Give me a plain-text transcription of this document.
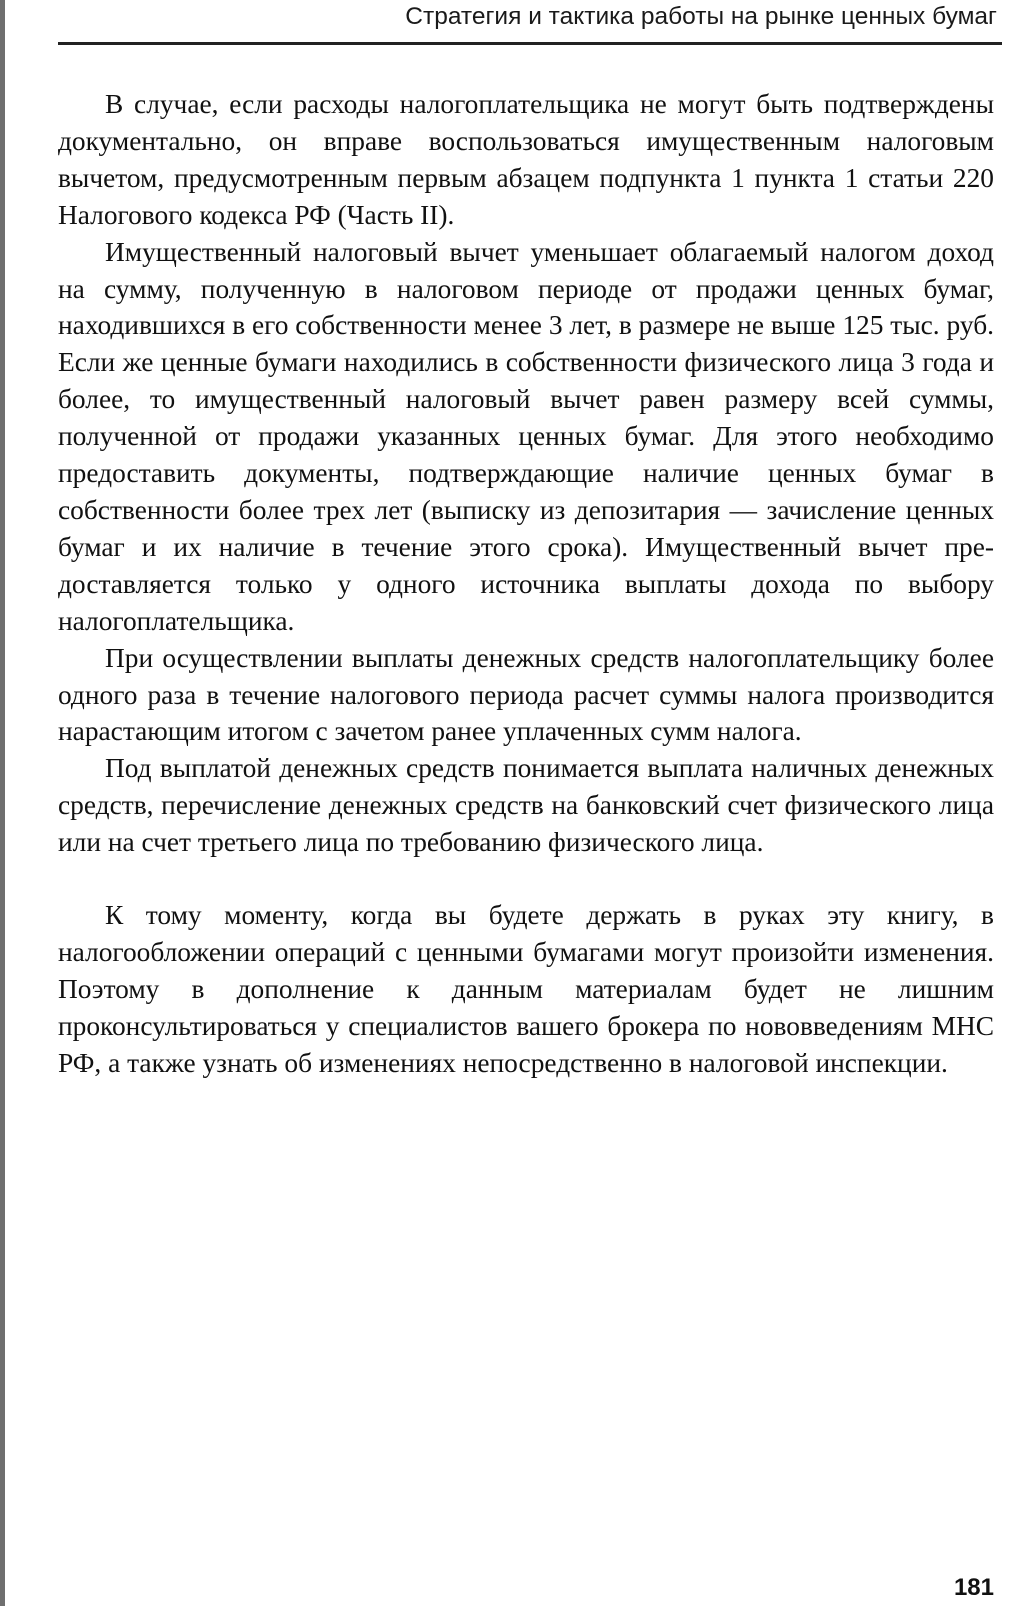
Стратегия и тактика работы на рынке ценных бумаг

В случае, если расходы налогоплательщика не могут быть подтверждены документально, он вправе воспользоваться имущественным налоговым вычетом, предусмотренным первым абзацем подпункта 1 пункта 1 статьи 220 Налогового кодекса РФ (Часть II).

Имущественный налоговый вычет уменьшает облагаемый налогом доход на сумму, полученную в налоговом периоде от продажи ценных бумаг, находившихся в его собственности менее 3 лет, в размере не выше 125 тыс. руб. Если же ценные бумаги находились в собственности физического лица 3 года и более, то имущественный налоговый вычет равен размеру всей суммы, полученной от продажи указанных ценных бумаг. Для этого необходимо предоставить документы, подтверждающие наличие ценных бумаг в собственности более трех лет (выписку из депозитария — зачисление ценных бумаг и их наличие в течение этого срока). Имущественный вычет предоставляется только у одного источника выплаты дохода по выбору налогоплательщика.

При осуществлении выплаты денежных средств налогоплательщику более одного раза в течение налогового периода расчет суммы налога производится нарастающим итогом с зачетом ранее уплаченных сумм налога.

Под выплатой денежных средств понимается выплата наличных денежных средств, перечисление денежных средств на банковский счет физического лица или на счет третьего лица по требованию физического лица.

К тому моменту, когда вы будете держать в руках эту книгу, в налогообложении операций с ценными бумагами могут произойти изменения. Поэтому в дополнение к данным материалам будет не лишним проконсультироваться у специалистов вашего брокера по нововведениям МНС РФ, а также узнать об изменениях непосредственно в налоговой инспекции.

181
